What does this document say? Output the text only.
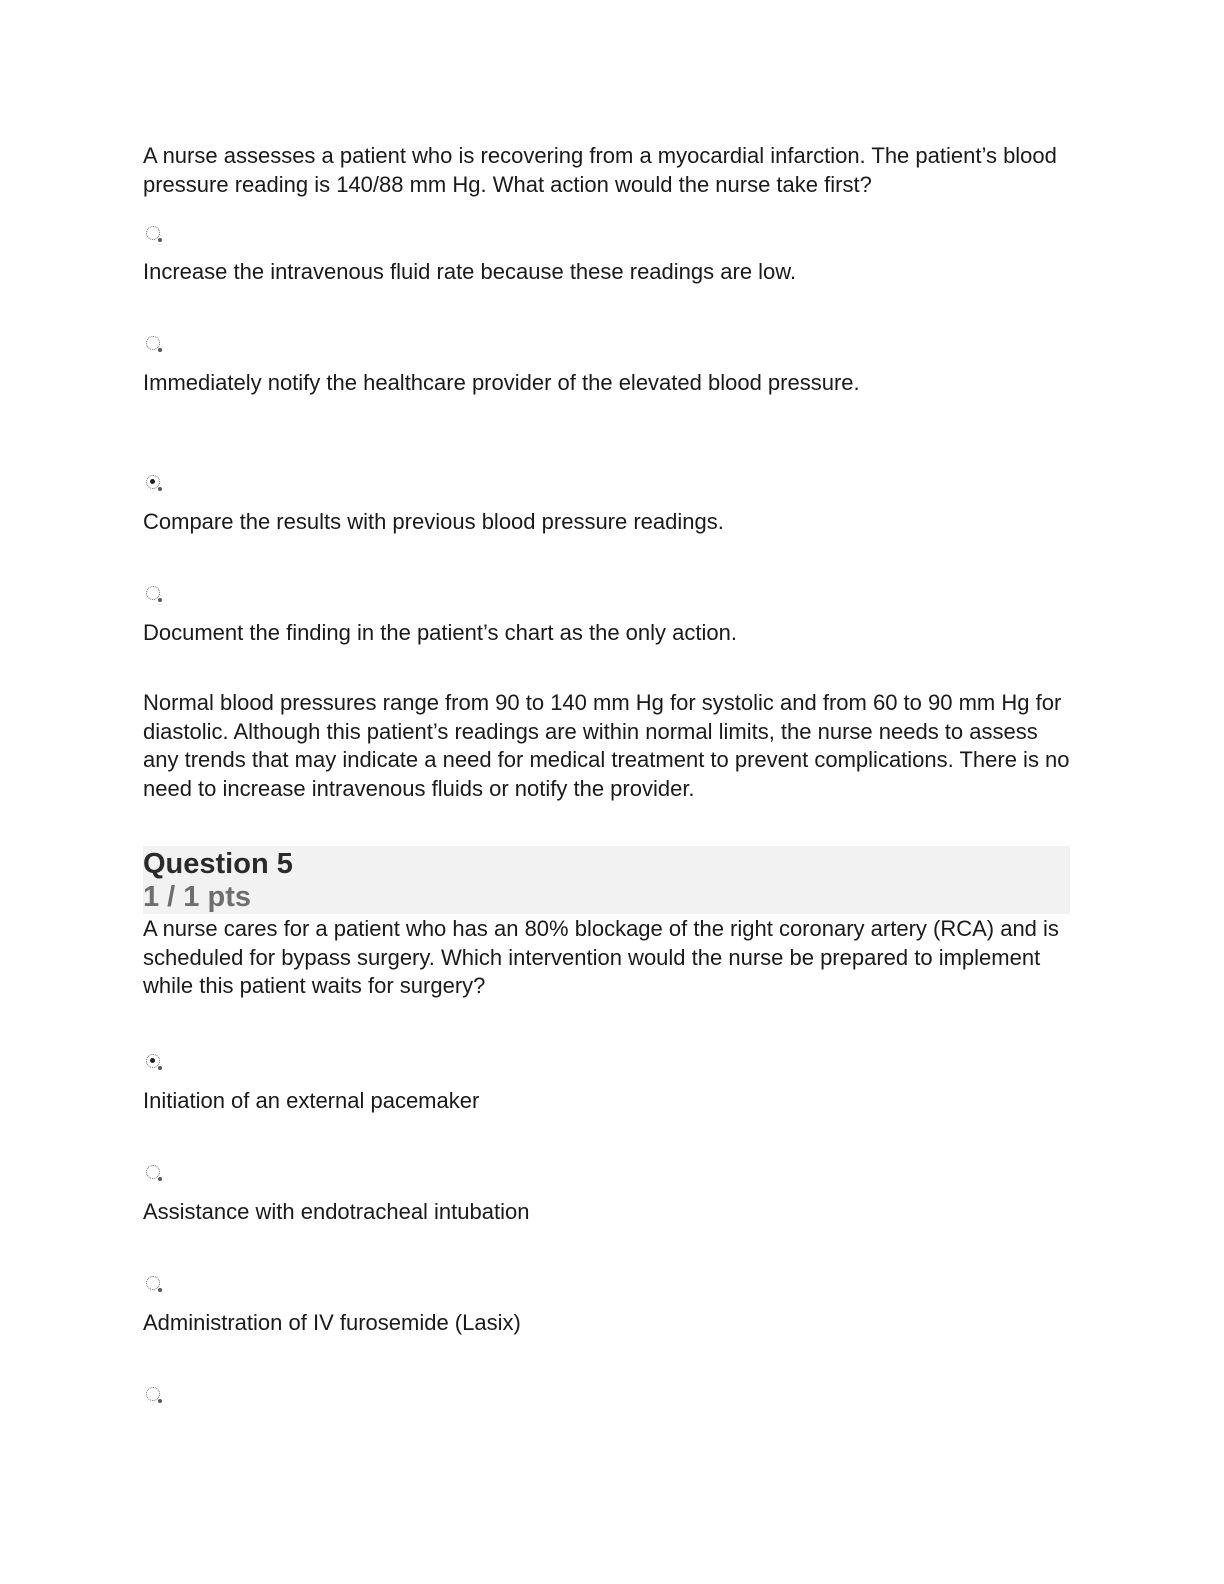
A nurse assesses a patient who is recovering from a myocardial infarction. The patient’s blood pressure reading is 140/88 mm Hg. What action would the nurse take first?

Increase the intravenous fluid rate because these readings are low.

Immediately notify the healthcare provider of the elevated blood pressure.

Compare the results with previous blood pressure readings.

Document the finding in the patient’s chart as the only action.

Normal blood pressures range from 90 to 140 mm Hg for systolic and from 60 to 90 mm Hg for diastolic. Although this patient’s readings are within normal limits, the nurse needs to assess any trends that may indicate a need for medical treatment to prevent complications. There is no need to increase intravenous fluids or notify the provider.

Question 5

1 / 1 pts

A nurse cares for a patient who has an 80% blockage of the right coronary artery (RCA) and is scheduled for bypass surgery. Which intervention would the nurse be prepared to implement while this patient waits for surgery?

Initiation of an external pacemaker

Assistance with endotracheal intubation

Administration of IV furosemide (Lasix)
